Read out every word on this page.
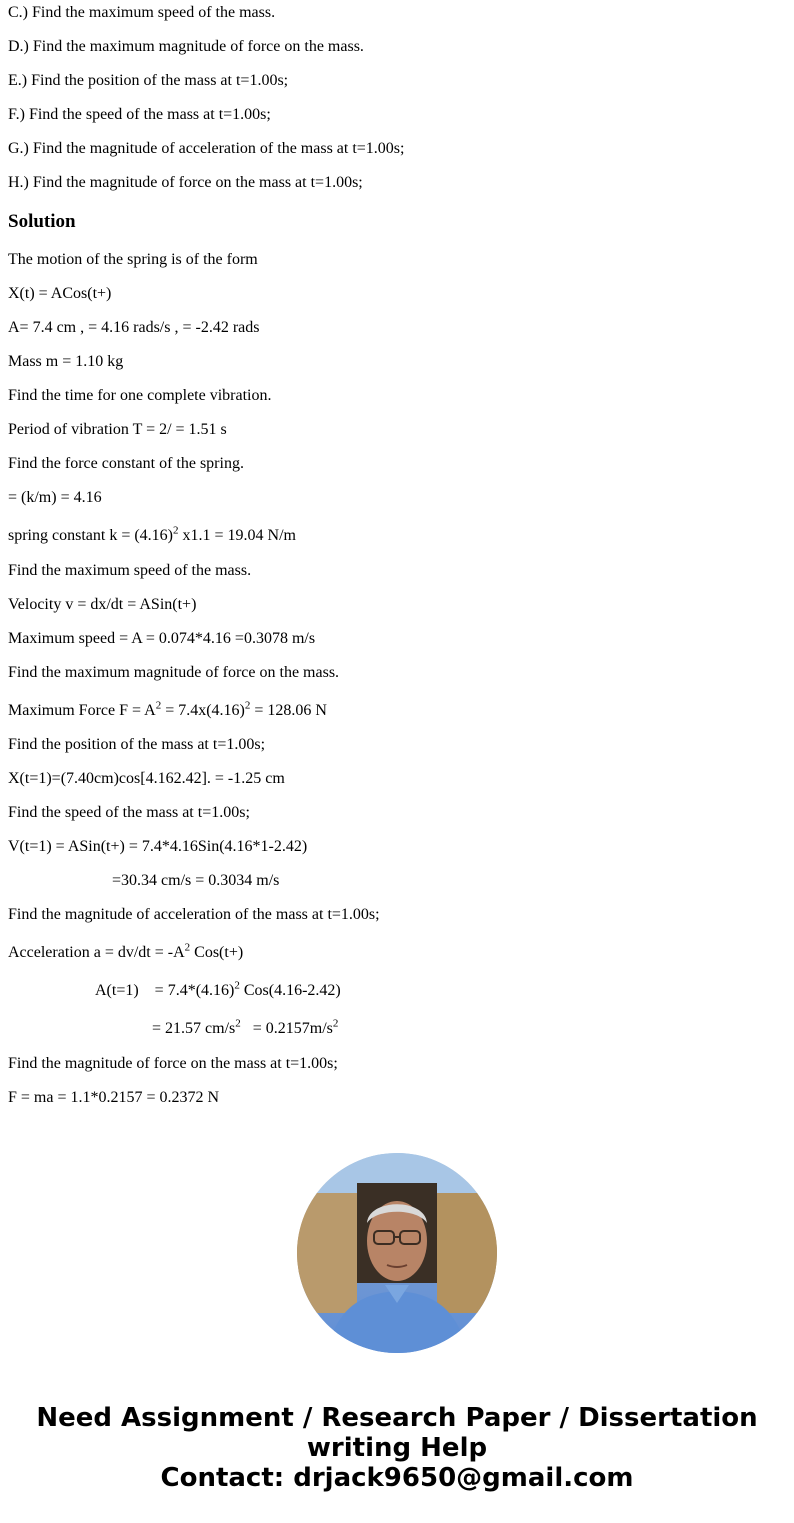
C.) Find the maximum speed of the mass.
D.) Find the maximum magnitude of force on the mass.
E.) Find the position of the mass at t=1.00s;
F.) Find the speed of the mass at t=1.00s;
G.) Find the magnitude of acceleration of the mass at t=1.00s;
H.) Find the magnitude of force on the mass at t=1.00s;
Solution
The motion of the spring is of the form
X(t) = ACos(t+)
A= 7.4 cm , = 4.16 rads/s , = -2.42 rads
Mass m = 1.10 kg
Find the time for one complete vibration.
Period of vibration T = 2/ = 1.51 s
Find the force constant of the spring.
= (k/m) = 4.16
spring constant $k = (4.16)^2$ x1.1 = 19.04 N/m
Find the maximum speed of the mass.
Velocity v = dx/dt = ASin(t+)
Maximum speed = A = 0.074*4.16 =0.3078 m/s
Find the maximum magnitude of force on the mass.
Maximum Force $F = A^2 = 7.4x(4.16)^2 = 128.06$ N
Find the position of the mass at t=1.00s;
X(t=1)=(7.40cm)cos[4.162.42]. = -1.25 cm
Find the speed of the mass at t=1.00s;
V(t=1) = ASin(t+) = 7.4*4.16Sin(4.16*1-2.42)
=30.34 cm/s = 0.3034 m/s
Find the magnitude of acceleration of the mass at t=1.00s;
Acceleration $a = dv/dt = -A^2$ Cos(t+)
A(t=1)    = $7.4*(4.16)^2$ Cos(4.16-2.42)
= 21.57 $cm/s^2 = 0.2157m/s^2$
Find the magnitude of force on the mass at t=1.00s;
F = ma = 1.1*0.2157 = 0.2372 N
Need Assignment / Research Paper / Dissertation
writing Help
Contact: drjack9650@gmail.com
